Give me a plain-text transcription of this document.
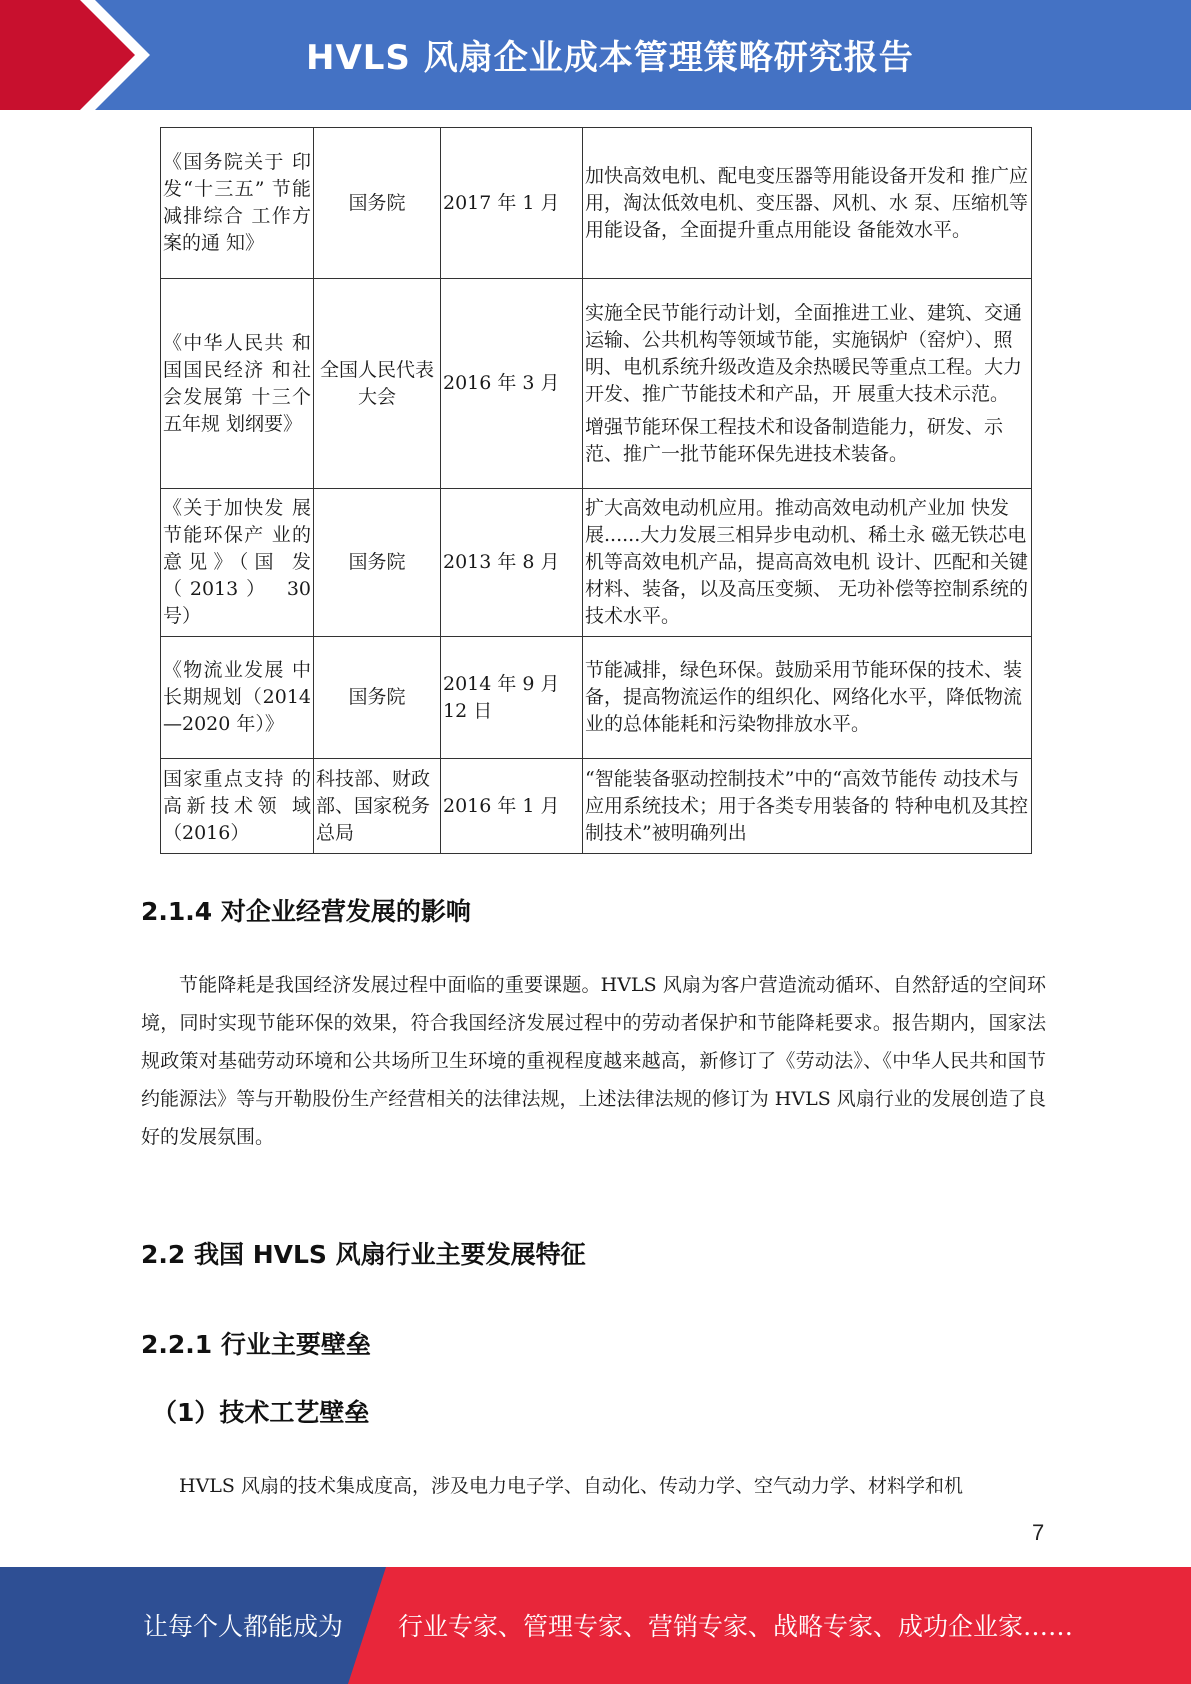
HVLS 风扇企业成本管理策略研究报告
《国务院关于 印发“十三五” 节能减排综合 工作方案的通 知》	国务院	2017 年 1 月	加快高效电机、配电变压器等用能设备开发和 推广应用，淘汰低效电机、变压器、风机、水 泵、压缩机等用能设备，全面提升重点用能设 备能效水平。
《中华人民共 和国国民经济 和社会发展第 十三个五年规 划纲要》	全国人民代表大会	2016 年 3 月	实施全民节能行动计划，全面推进工业、建筑、交通运输、公共机构等领域节能，实施锅炉（窑炉）、照明、电机系统升级改造及余热暖民等重点工程。大力开发、推广节能技术和产品，开 展重大技术示范。
增强节能环保工程技术和设备制造能力，研发、示范、推广一批节能环保先进技术装备。

《关于加快发 展节能环保产 业的意见》（国 发（2013） 30 号）	国务院	2013 年 8 月	扩大高效电动机应用。推动高效电动机产业加 快发展......大力发展三相异步电动机、稀土永 磁无铁芯电机等高效电机产品，提高高效电机 设计、匹配和关键材料、装备，以及高压变频、 无功补偿等控制系统的技术水平。
《物流业发展 中长期规划（2014—2020 年）》	国务院	2014 年 9 月 12 日	节能减排，绿色环保。鼓励采用节能环保的技术、装备，提高物流运作的组织化、网络化水平，降低物流业的总体能耗和污染物排放水平。
国家重点支持 的高新技术领 域（2016）	科技部、财政部、国家税务总局	2016 年 1 月	“智能装备驱动控制技术”中的“高效节能传 动技术与应用系统技术；用于各类专用装备的 特种电机及其控制技术”被明确列出
2.1.4 对企业经营发展的影响

节能降耗是我国经济发展过程中面临的重要课题。HVLS 风扇为客户营造流动循环、自然舒适的空间环境，同时实现节能环保的效果，符合我国经济发展过程中的劳动者保护和节能降耗要求。报告期内，国家法规政策对基础劳动环境和公共场所卫生环境的重视程度越来越高，新修订了《劳动法》、《中华人民共和国节约能源法》等与开勒股份生产经营相关的法律法规，上述法律法规的修订为 HVLS 风扇行业的发展创造了良好的发展氛围。

2.2 我国 HVLS 风扇行业主要发展特征
2.2.1 行业主要壁垒
（1）技术工艺壁垒

HVLS 风扇的技术集成度高，涉及电力电子学、自动化、传动力学、空气动力学、材料学和机

7
让每个人都能成为 行业专家、管理专家、营销专家、战略专家、成功企业家……
